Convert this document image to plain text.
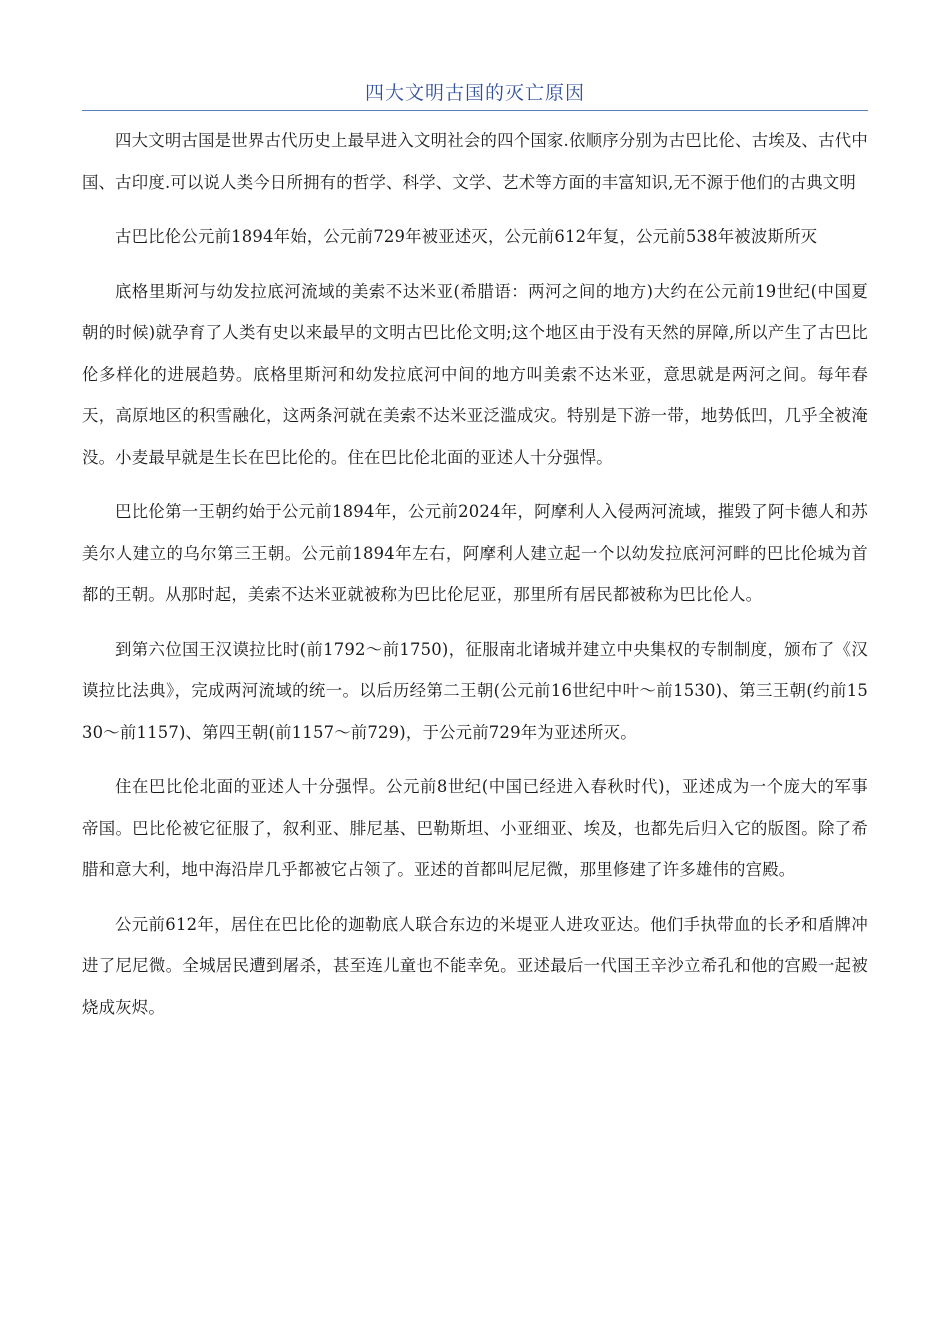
四大文明古国的灭亡原因

四大文明古国是世界古代历史上最早进入文明社会的四个国家.依顺序分别为古巴比伦、古埃及、古代中国、古印度.可以说人类今日所拥有的哲学、科学、文学、艺术等方面的丰富知识,无不源于他们的古典文明

古巴比伦公元前1894年始，公元前729年被亚述灭，公元前612年复，公元前538年被波斯所灭

底格里斯河与幼发拉底河流域的美索不达米亚(希腊语：两河之间的地方)大约在公元前19世纪(中国夏朝的时候)就孕育了人类有史以来最早的文明古巴比伦文明;这个地区由于没有天然的屏障,所以产生了古巴比伦多样化的进展趋势。底格里斯河和幼发拉底河中间的地方叫美索不达米亚，意思就是两河之间。每年春天，高原地区的积雪融化，这两条河就在美索不达米亚泛滥成灾。特别是下游一带，地势低凹，几乎全被淹没。小麦最早就是生长在巴比伦的。住在巴比伦北面的亚述人十分强悍。

巴比伦第一王朝约始于公元前1894年，公元前2024年，阿摩利人入侵两河流域，摧毁了阿卡德人和苏美尔人建立的乌尔第三王朝。公元前1894年左右，阿摩利人建立起一个以幼发拉底河河畔的巴比伦城为首都的王朝。从那时起，美索不达米亚就被称为巴比伦尼亚，那里所有居民都被称为巴比伦人。

到第六位国王汉谟拉比时(前1792～前1750)，征服南北诸城并建立中央集权的专制制度，颁布了《汉谟拉比法典》，完成两河流域的统一。以后历经第二王朝(公元前16世纪中叶～前1530)、第三王朝(约前1530～前1157)、第四王朝(前1157～前729)，于公元前729年为亚述所灭。

住在巴比伦北面的亚述人十分强悍。公元前8世纪(中国已经进入春秋时代)，亚述成为一个庞大的军事帝国。巴比伦被它征服了，叙利亚、腓尼基、巴勒斯坦、小亚细亚、埃及，也都先后归入它的版图。除了希腊和意大利，地中海沿岸几乎都被它占领了。亚述的首都叫尼尼微，那里修建了许多雄伟的宫殿。

公元前612年，居住在巴比伦的迦勒底人联合东边的米堤亚人进攻亚达。他们手执带血的长矛和盾牌冲进了尼尼微。全城居民遭到屠杀，甚至连儿童也不能幸免。亚述最后一代国王辛沙立希孔和他的宫殿一起被烧成灰烬。
